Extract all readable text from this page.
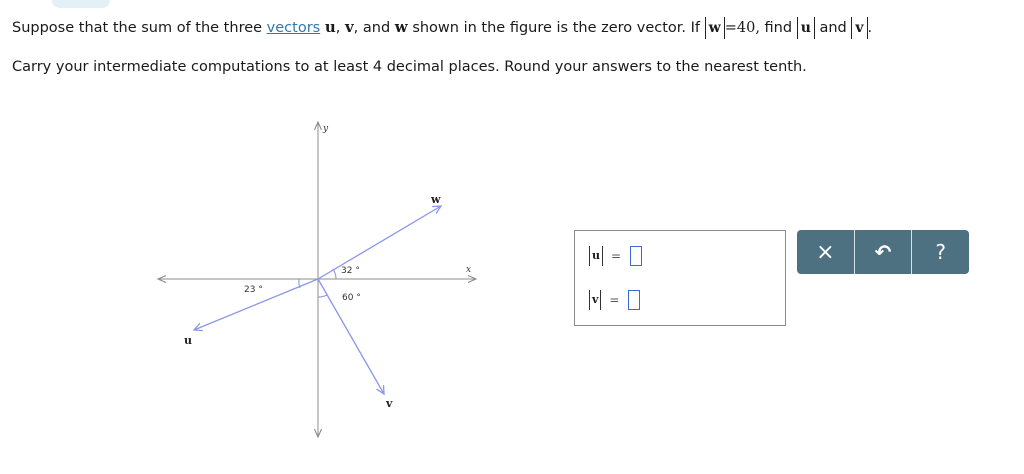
Suppose that the sum of the three vectors u, v, and w shown in the figure is the zero vector. If w =40, find u and v .
Carry your intermediate computations to at least 4 decimal places. Round your answers to the nearest tenth.
x
y
w
u
v
32 °
23 °
60 °
u =
v =
× ↶ ?
